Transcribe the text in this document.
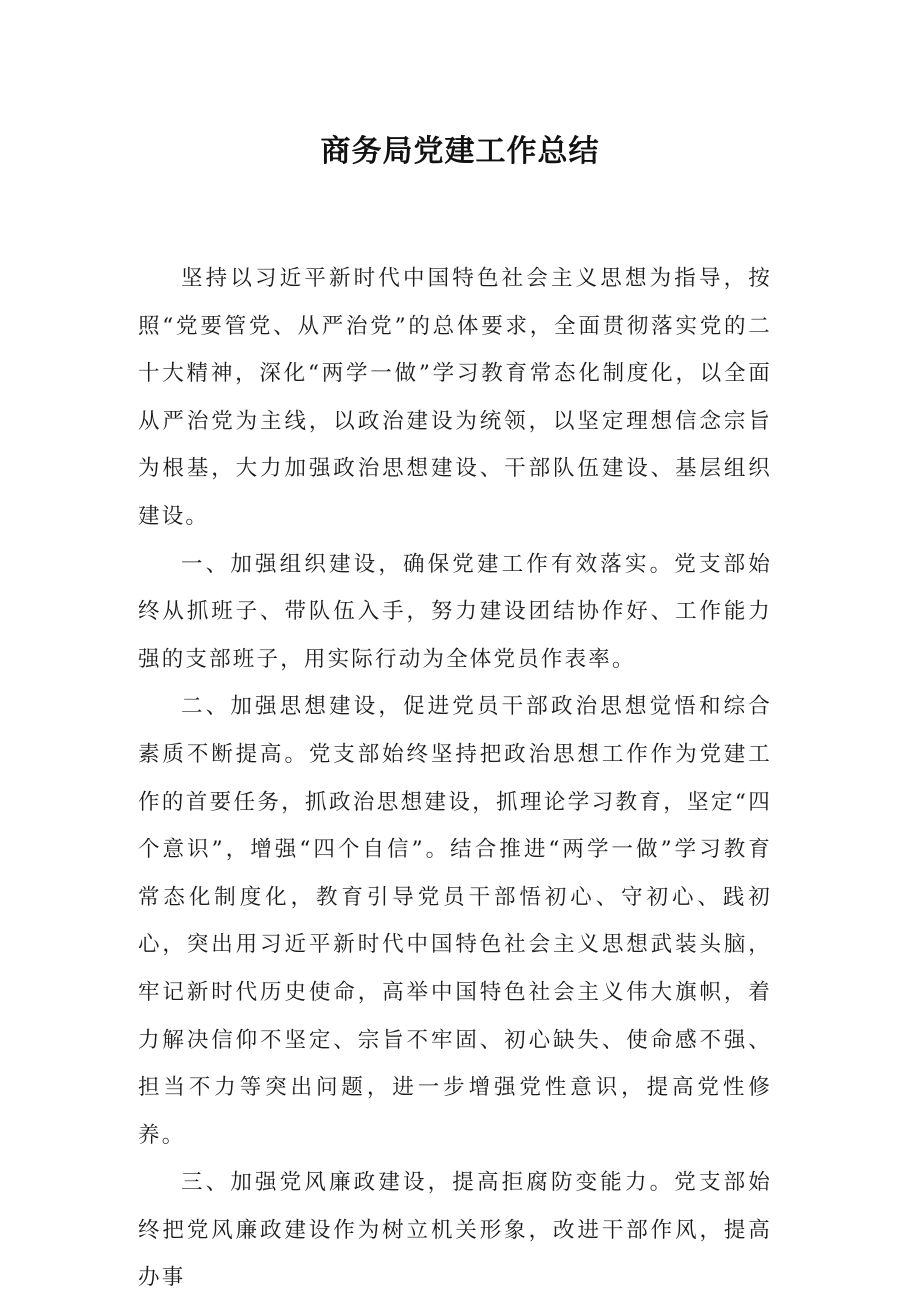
商务局党建工作总结

坚持以习近平新时代中国特色社会主义思想为指导，按照“党要管党、从严治党”的总体要求，全面贯彻落实党的二十大精神，深化“两学一做”学习教育常态化制度化，以全面从严治党为主线，以政治建设为统领，以坚定理想信念宗旨为根基，大力加强政治思想建设、干部队伍建设、基层组织建设。

一、加强组织建设，确保党建工作有效落实。党支部始终从抓班子、带队伍入手，努力建设团结协作好、工作能力强的支部班子，用实际行动为全体党员作表率。

二、加强思想建设，促进党员干部政治思想觉悟和综合素质不断提高。党支部始终坚持把政治思想工作作为党建工作的首要任务，抓政治思想建设，抓理论学习教育，坚定“四个意识”，增强“四个自信”。结合推进“两学一做”学习教育常态化制度化，教育引导党员干部悟初心、守初心、践初心，突出用习近平新时代中国特色社会主义思想武装头脑，牢记新时代历史使命，高举中国特色社会主义伟大旗帜，着力解决信仰不坚定、宗旨不牢固、初心缺失、使命感不强、担当不力等突出问题，进一步增强党性意识，提高党性修养。

三、加强党风廉政建设，提高拒腐防变能力。党支部始终把党风廉政建设作为树立机关形象，改进干部作风，提高办事
